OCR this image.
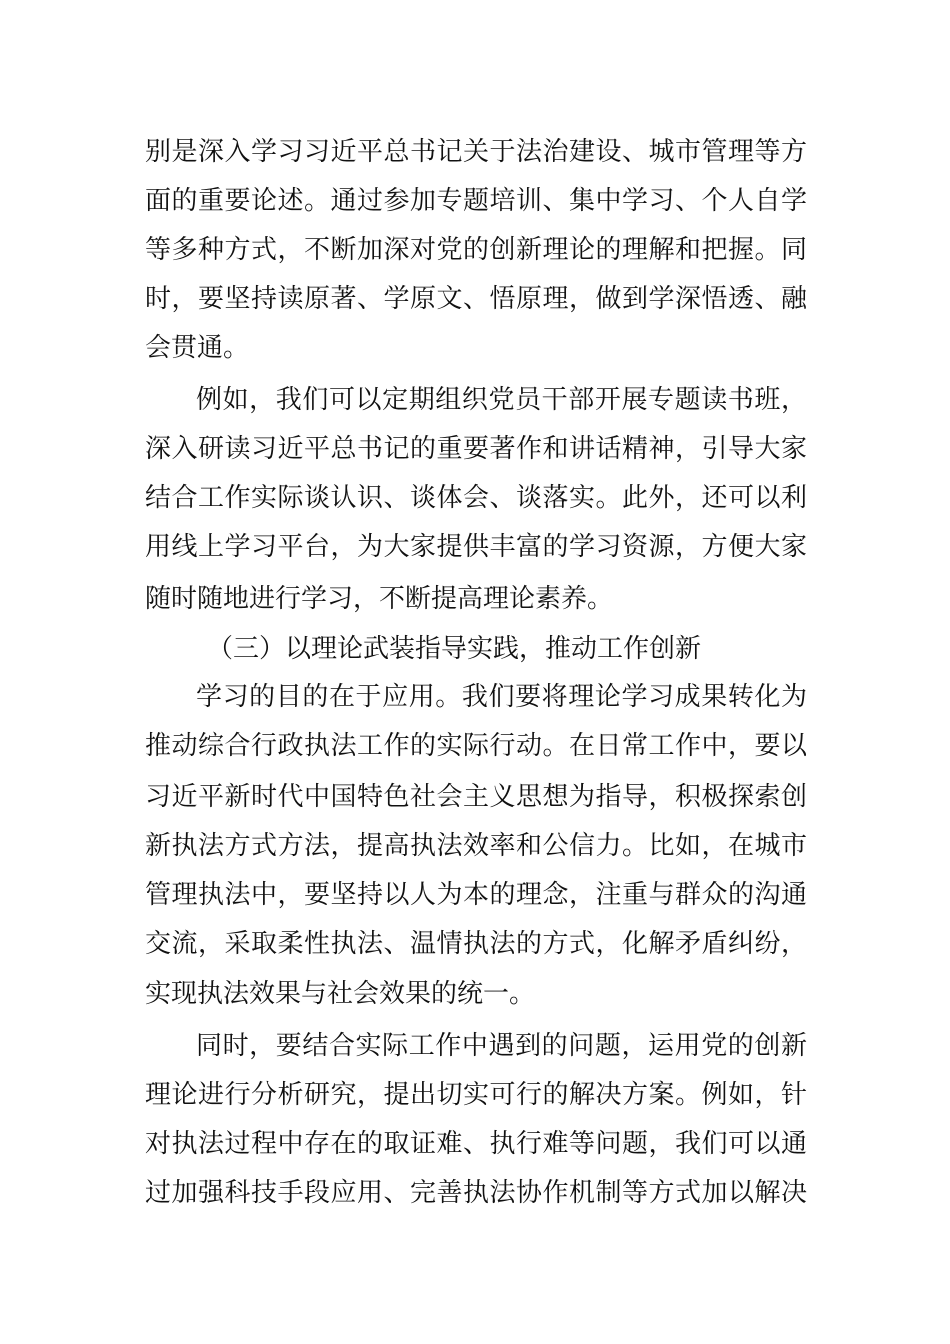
别是深入学习习近平总书记关于法治建设、城市管理等方

面的重要论述。通过参加专题培训、集中学习、个人自学

等多种方式，不断加深对党的创新理论的理解和把握。同

时，要坚持读原著、学原文、悟原理，做到学深悟透、融

会贯通。

例如，我们可以定期组织党员干部开展专题读书班，

深入研读习近平总书记的重要著作和讲话精神，引导大家

结合工作实际谈认识、谈体会、谈落实。此外，还可以利

用线上学习平台，为大家提供丰富的学习资源，方便大家

随时随地进行学习，不断提高理论素养。

（三）以理论武装指导实践，推动工作创新

学习的目的在于应用。我们要将理论学习成果转化为

推动综合行政执法工作的实际行动。在日常工作中，要以

习近平新时代中国特色社会主义思想为指导，积极探索创

新执法方式方法，提高执法效率和公信力。比如，在城市

管理执法中，要坚持以人为本的理念，注重与群众的沟通

交流，采取柔性执法、温情执法的方式，化解矛盾纠纷，

实现执法效果与社会效果的统一。

同时，要结合实际工作中遇到的问题，运用党的创新

理论进行分析研究，提出切实可行的解决方案。例如，针

对执法过程中存在的取证难、执行难等问题，我们可以通

过加强科技手段应用、完善执法协作机制等方式加以解决
